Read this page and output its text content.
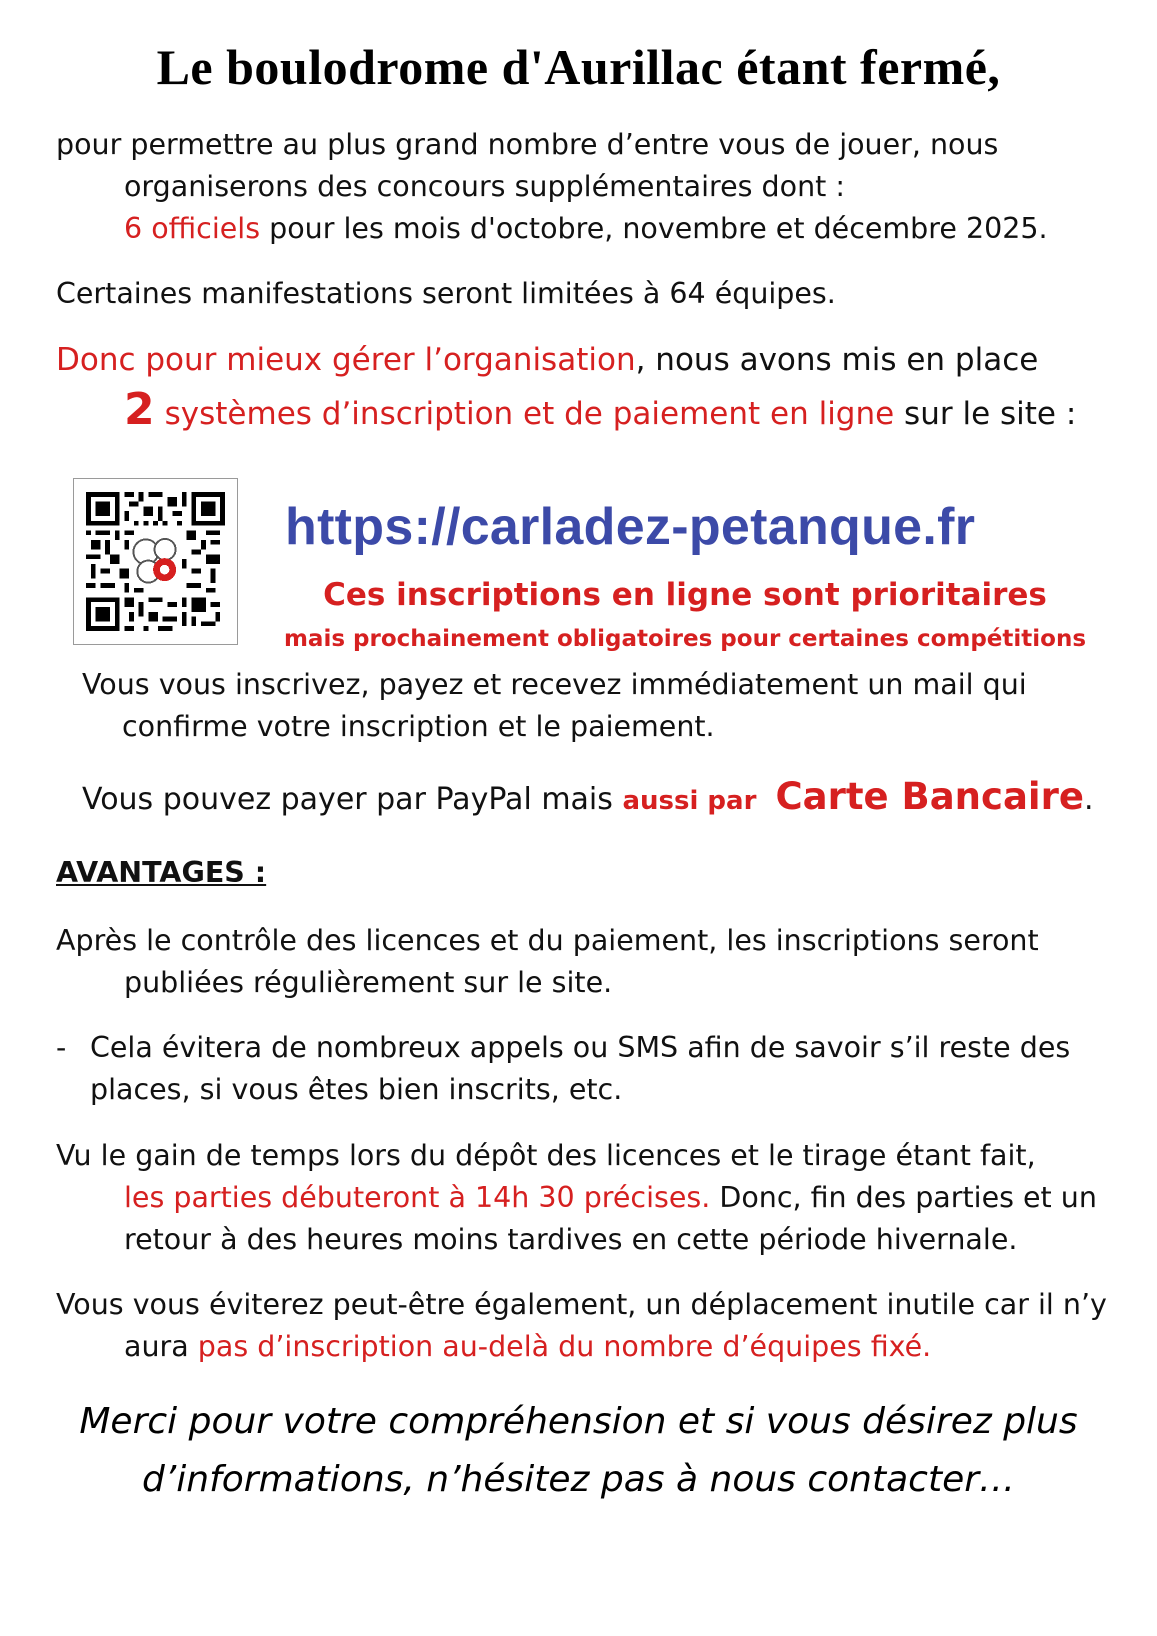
Le boulodrome d'Aurillac étant fermé,
pour permettre au plus grand nombre d’entre vous de jouer, nous
organiserons des concours supplémentaires dont :
6 officiels pour les mois d'octobre, novembre et décembre 2025.
Certaines manifestations seront limitées à 64 équipes.
Donc pour mieux gérer l’organisation, nous avons mis en place
2 systèmes d’inscription et de paiement en ligne sur le site :
https://carladez-petanque.fr
Ces inscriptions en ligne sont prioritaires
mais prochainement obligatoires pour certaines compétitions
Vous vous inscrivez, payez et recevez immédiatement un mail qui
confirme votre inscription et le paiement.
Vous pouvez payer par PayPal mais aussi par Carte Bancaire.
AVANTAGES :
Après le contrôle des licences et du paiement, les inscriptions seront
publiées régulièrement sur le site.
- Cela évitera de nombreux appels ou SMS afin de savoir s’il reste des
places, si vous êtes bien inscrits, etc.
Vu le gain de temps lors du dépôt des licences et le tirage étant fait,
les parties débuteront à 14h 30 précises. Donc, fin des parties et un
retour à des heures moins tardives en cette période hivernale.
Vous vous éviterez peut-être également, un déplacement inutile car il n’y
aura pas d’inscription au-delà du nombre d’équipes fixé.
Merci pour votre compréhension et si vous désirez plus
d’informations, n’hésitez pas à nous contacter…
